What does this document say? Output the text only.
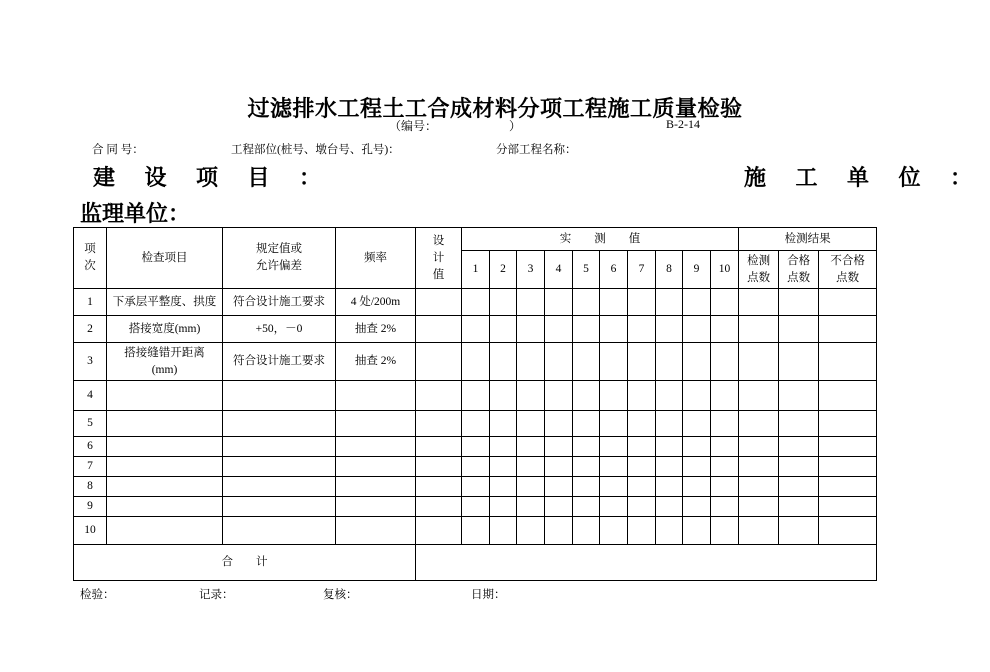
过滤排水工程土工合成材料分项工程施工质量检验
（编号：	）	B-2-14
合 同 号：	工程部位(桩号、墩台号、孔号)：	分部工程名称：
建 设 项 目 ：	施 工 单 位 ：
监理单位：
项次	检查项目	规定值或允许偏差	频率	设计值	实　　测　　值										检测结果		
					1	2	3	4	5	6	7	8	9	10	检测点数	合格点数	不合格点数
1	下承层平整度、拱度	符合设计施工要求	4 处/200m														
2	搭接宽度(mm)	+50，－0	抽查 2%														
3	搭接缝错开距离(mm)	符合设计施工要求	抽查 2%														
4																	
5																	
6																	
7																	
8																	
9																	
10																	
合　　计																	
检验：	记录：	复核：	日期：
